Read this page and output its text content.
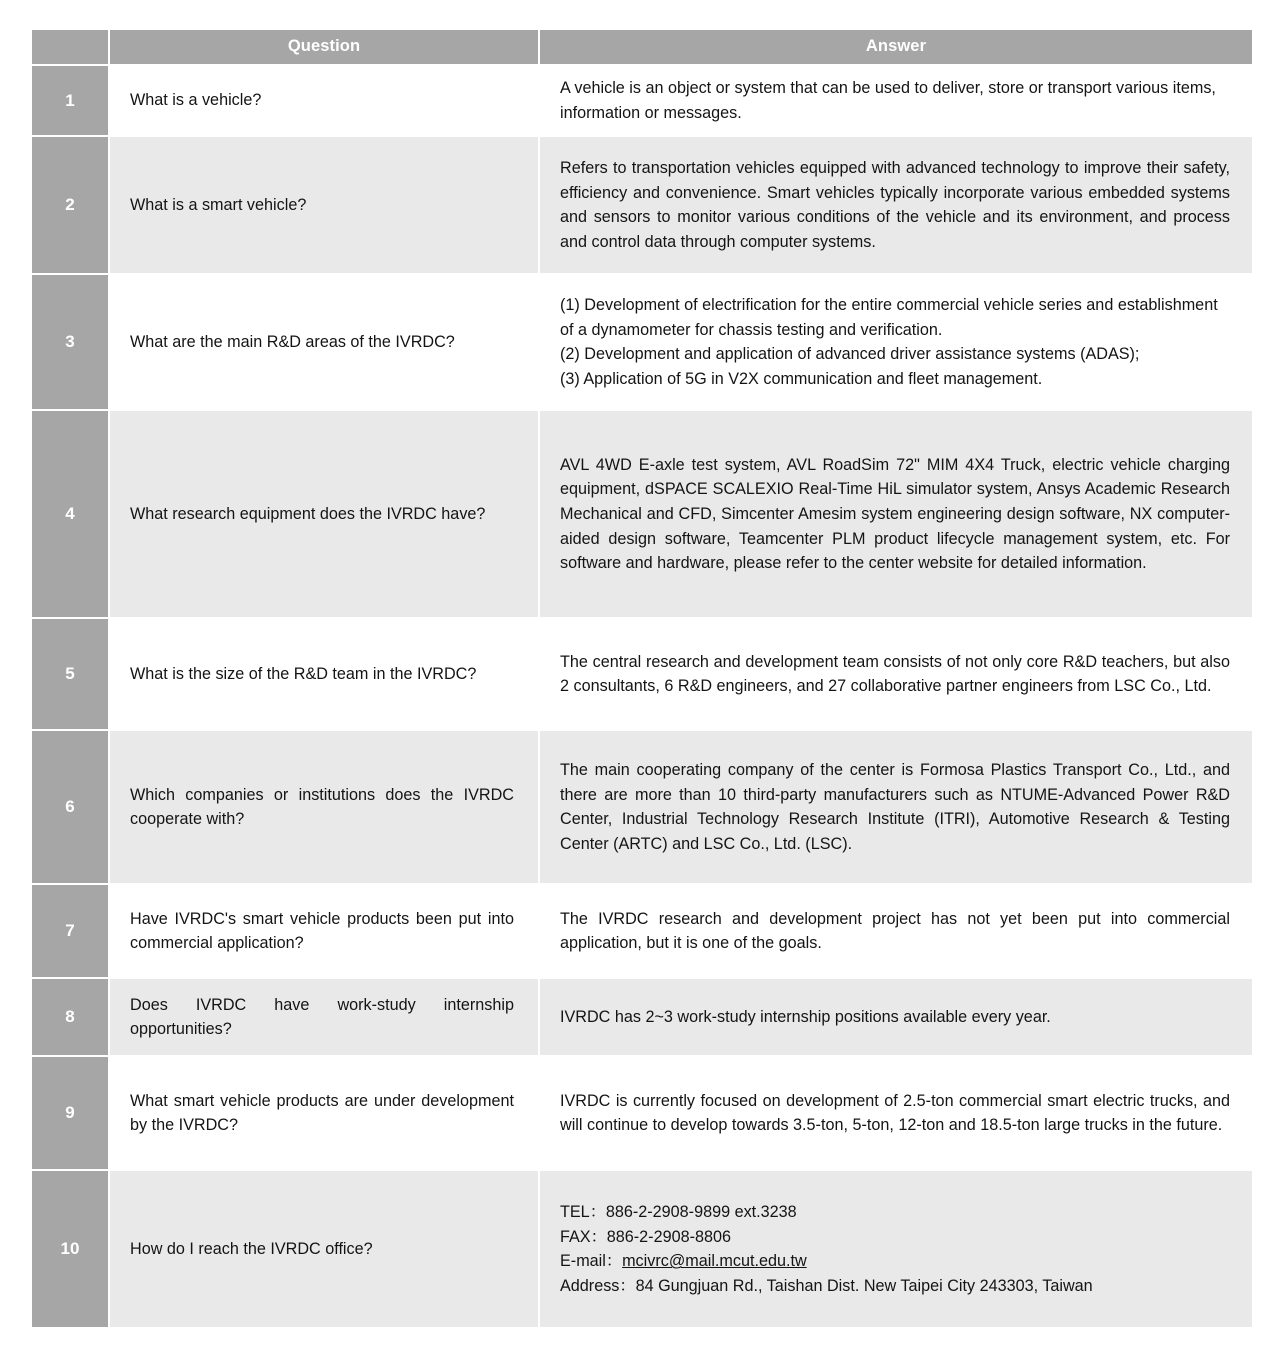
	Question	Answer
1	What is a vehicle?	A vehicle is an object or system that can be used to deliver, store or transport various items, information or messages.
2	What is a smart vehicle?	Refers to transportation vehicles equipped with advanced technology to improve their safety, efficiency and convenience. Smart vehicles typically incorporate various embedded systems and sensors to monitor various conditions of the vehicle and its environment, and process and control data through computer systems.
3	What are the main R&D areas of the IVRDC?	(1) Development of electrification for the entire commercial vehicle series and establishment of a dynamometer for chassis testing and verification.
(2) Development and application of advanced driver assistance systems (ADAS);
(3) Application of 5G in V2X communication and fleet management.

4	What research equipment does the IVRDC have?	AVL 4WD E-axle test system, AVL RoadSim 72" MIM 4X4 Truck, electric vehicle charging equipment, dSPACE SCALEXIO Real-Time HiL simulator system, Ansys Academic Research Mechanical and CFD, Simcenter Amesim system engineering design software, NX computer-aided design software, Teamcenter PLM product lifecycle management system, etc. For software and hardware, please refer to the center website for detailed information.
5	What is the size of the R&D team in the IVRDC?	The central research and development team consists of not only core R&D teachers, but also 2 consultants, 6 R&D engineers, and 27 collaborative partner engineers from LSC Co., Ltd.
6	Which companies or institutions does the IVRDC cooperate with?	The main cooperating company of the center is Formosa Plastics Transport Co., Ltd., and there are more than 10 third-party manufacturers such as NTUME-Advanced Power R&D Center, Industrial Technology Research Institute (ITRI), Automotive Research & Testing Center (ARTC) and LSC Co., Ltd. (LSC).
7	Have IVRDC's smart vehicle products been put into commercial application?	The IVRDC research and development project has not yet been put into commercial application, but it is one of the goals.
8	Does IVRDC have work-study internship opportunities?	IVRDC has 2~3 work-study internship positions available every year.
9	What smart vehicle products are under development by the IVRDC?	IVRDC is currently focused on development of 2.5-ton commercial smart electric trucks, and will continue to develop towards 3.5-ton, 5-ton, 12-ton and 18.5-ton large trucks in the future.
10	How do I reach the IVRDC office?	TEL：886-2-2908-9899 ext.3238
FAX：886-2-2908-8806
E-mail：mcivrc@mail.mcut.edu.tw
Address：84 Gungjuan Rd., Taishan Dist. New Taipei City 243303, Taiwan
